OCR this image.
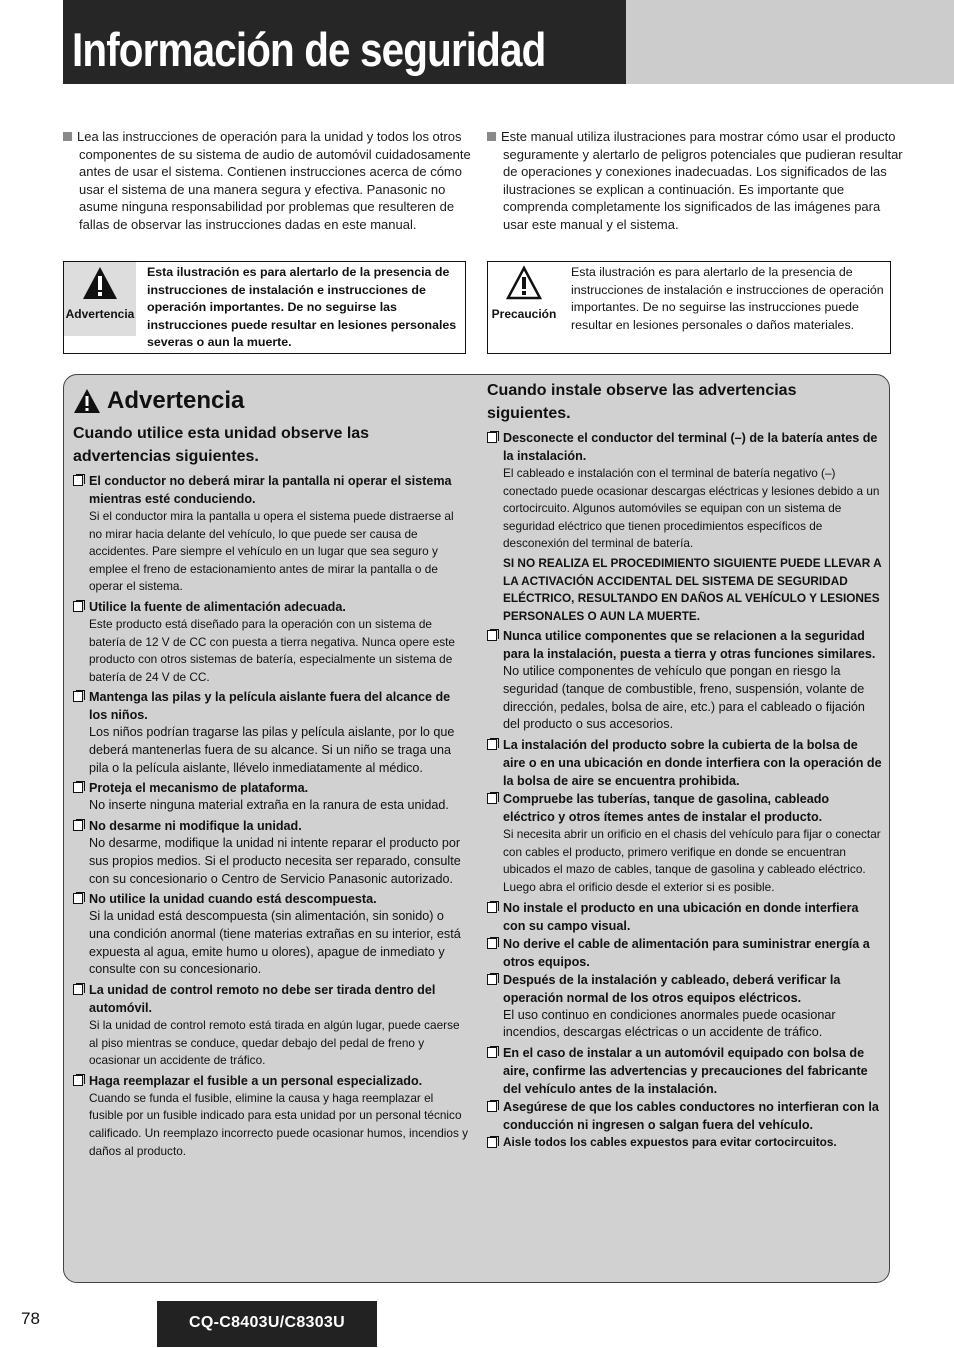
Información de seguridad
Lea las instrucciones de operación para la unidad y todos los otros componentes de su sistema de audio de automóvil cuidadosamente antes de usar el sistema. Contienen instrucciones acerca de cómo usar el sistema de una manera segura y efectiva. Panasonic no asume ninguna responsabilidad por problemas que resulteren de fallas de observar las instrucciones dadas en este manual.
Este manual utiliza ilustraciones para mostrar cómo usar el producto seguramente y alertarlo de peligros potenciales que pudieran resultar de operaciones y conexiones inadecuadas. Los significados de las ilustraciones se explican a continuación. Es importante que comprenda completamente los significados de las imágenes para usar este manual y el sistema.
Advertencia
Esta ilustración es para alertarlo de la presencia de instrucciones de instalación e instrucciones de operación importantes. De no seguirse las instrucciones puede resultar en lesiones personales severas o aun la muerte.
Precaución
Esta ilustración es para alertarlo de la presencia de instrucciones de instalación e instrucciones de operación importantes. De no seguirse las instrucciones puede resultar en lesiones personales o daños materiales.
Advertencia
Cuando utilice esta unidad observe las advertencias siguientes.
El conductor no deberá mirar la pantalla ni operar el sistema mientras esté conduciendo.
Si el conductor mira la pantalla u opera el sistema puede distraerse al no mirar hacia delante del vehículo, lo que puede ser causa de accidentes. Pare siempre el vehículo en un lugar que sea seguro y emplee el freno de estacionamiento antes de mirar la pantalla o de operar el sistema.
Utilice la fuente de alimentación adecuada.
Este producto está diseñado para la operación con un sistema de batería de 12 V de CC con puesta a tierra negativa. Nunca opere este producto con otros sistemas de batería, especialmente un sistema de batería de 24 V de CC.
Mantenga las pilas y la película aislante fuera del alcance de los niños.
Los niños podrían tragarse las pilas y película aislante, por lo que deberá mantenerlas fuera de su alcance. Si un niño se traga una pila o la película aislante, llévelo inmediatamente al médico.
Proteja el mecanismo de plataforma.
No inserte ninguna material extraña en la ranura de esta unidad.
No desarme ni modifique la unidad.
No desarme, modifique la unidad ni intente reparar el producto por sus propios medios. Si el producto necesita ser reparado, consulte con su concesionario o Centro de Servicio Panasonic autorizado.
No utilice la unidad cuando está descompuesta.
Si la unidad está descompuesta (sin alimentación, sin sonido) o una condición anormal (tiene materias extrañas en su interior, está expuesta al agua, emite humo u olores), apague de inmediato y consulte con su concesionario.
La unidad de control remoto no debe ser tirada dentro del automóvil.
Si la unidad de control remoto está tirada en algún lugar, puede caerse al piso mientras se conduce, quedar debajo del pedal de freno y ocasionar un accidente de tráfico.
Haga reemplazar el fusible a un personal especializado.
Cuando se funda el fusible, elimine la causa y haga reemplazar el fusible por un fusible indicado para esta unidad por un personal técnico calificado. Un reemplazo incorrecto puede ocasionar humos, incendios y daños al producto.
Cuando instale observe las advertencias siguientes.
Desconecte el conductor del terminal (–) de la batería antes de la instalación.
El cableado e instalación con el terminal de batería negativo (–) conectado puede ocasionar descargas eléctricas y lesiones debido a un cortocircuito. Algunos automóviles se equipan con un sistema de seguridad eléctrico que tienen procedimientos específicos de desconexión del terminal de batería.
SI NO REALIZA EL PROCEDIMIENTO SIGUIENTE PUEDE LLEVAR A LA ACTIVACIÓN ACCIDENTAL DEL SISTEMA DE SEGURIDAD ELÉCTRICO, RESULTANDO EN DAÑOS AL VEHÍCULO Y LESIONES PERSONALES O AUN LA MUERTE.
Nunca utilice componentes que se relacionen a la seguridad para la instalación, puesta a tierra y otras funciones similares.
No utilice componentes de vehículo que pongan en riesgo la seguridad (tanque de combustible, freno, suspensión, volante de dirección, pedales, bolsa de aire, etc.) para el cableado o fijación del producto o sus accesorios.
La instalación del producto sobre la cubierta de la bolsa de aire o en una ubicación en donde interfiera con la operación de la bolsa de aire se encuentra prohibida.
Compruebe las tuberías, tanque de gasolina, cableado eléctrico y otros ítemes antes de instalar el producto.
Si necesita abrir un orificio en el chasis del vehículo para fijar o conectar con cables el producto, primero verifique en donde se encuentran ubicados el mazo de cables, tanque de gasolina y cableado eléctrico. Luego abra el orificio desde el exterior si es posible.
No instale el producto en una ubicación en donde interfiera con su campo visual.
No derive el cable de alimentación para suministrar energía a otros equipos.
Después de la instalación y cableado, deberá verificar la operación normal de los otros equipos eléctricos.
El uso continuo en condiciones anormales puede ocasionar incendios, descargas eléctricas o un accidente de tráfico.
En el caso de instalar a un automóvil equipado con bolsa de aire, confirme las advertencias y precauciones del fabricante del vehículo antes de la instalación.
Asegúrese de que los cables conductores no interfieran con la conducción ni ingresen o salgan fuera del vehículo.
Aisle todos los cables expuestos para evitar cortocircuitos.
78	CQ-C8403U/C8303U
